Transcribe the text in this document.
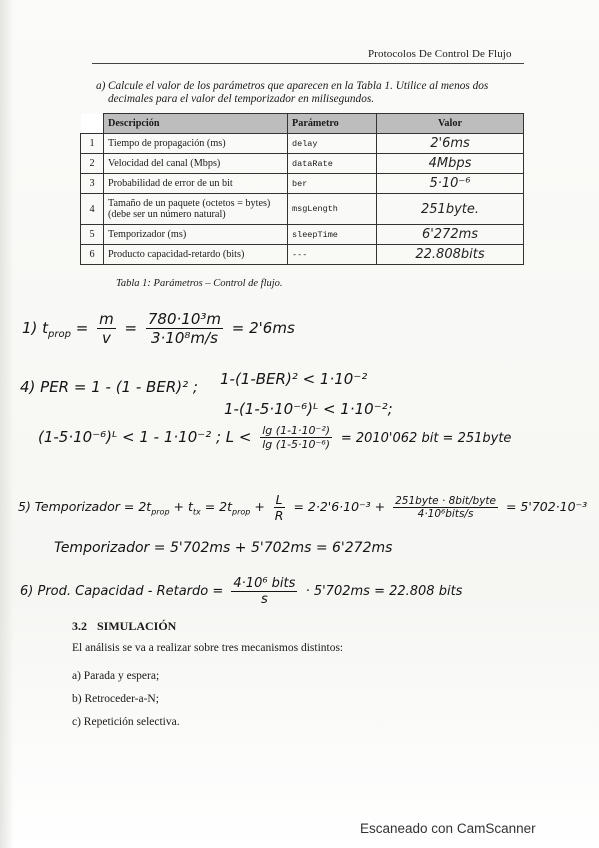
Protocolos De Control De Flujo
a) Calcule el valor de los parámetros que aparecen en la Tabla 1. Utilice al menos dos decimales para el valor del temporizador en milisegundos.
	Descripción	Parámetro	Valor
1	Tiempo de propagación (ms)	delay	2'6ms
2	Velocidad del canal (Mbps)	dataRate	4Mbps
3	Probabilidad de error de un bit	ber	5·10⁻⁶
4	Tamaño de un paquete (octetos = bytes) (debe ser un número natural)	msgLength	251byte.
5	Temporizador (ms)	sleepTime	6'272ms
6	Producto capacidad-retardo (bits)	---	22.808bits
Tabla 1: Parámetros – Control de flujo.
1) $t_{prop} = \frac{m}{v} = \frac{\text{780·10³m}}{\text{3·10⁸m/s}} = 2'6ms$
4) PER = 1 - (1 - BER)² ; 1-(1-BER)² < 1·10⁻²
1-(1-5·10⁻⁶)ᴸ < 1·10⁻²;
(1-5·10⁻⁶)ᴸ < 1 - 1·10⁻² ; $L < \frac{\text{lg (1-1·10⁻²)}}{\text{lg (1-5·10⁻⁶)}} = 2010'062$ bit = 251byte
5) Temporizador = $2t_{prop} + t_{tx} = 2t_{prop} + \frac{L}{R} = 2\cdot 2'6\cdot 10^{-3} + \frac{\text{251byte · 8bit/byte}}{\text{4·10⁶bits/s}} = 5'702\cdot 10^{-3}$
Temporizador = 5'702ms + 5'702ms = 6'272ms
6) Prod. Capacidad - Retardo = $\frac{\text{4·10⁶ bits}}{s} \cdot 5'702ms = 22.808$ bits
3.2 SIMULACIÓN
El análisis se va a realizar sobre tres mecanismos distintos:
a) Parada y espera;
b) Retroceder-a-N;
c) Repetición selectiva.
Escaneado con CamScanner
